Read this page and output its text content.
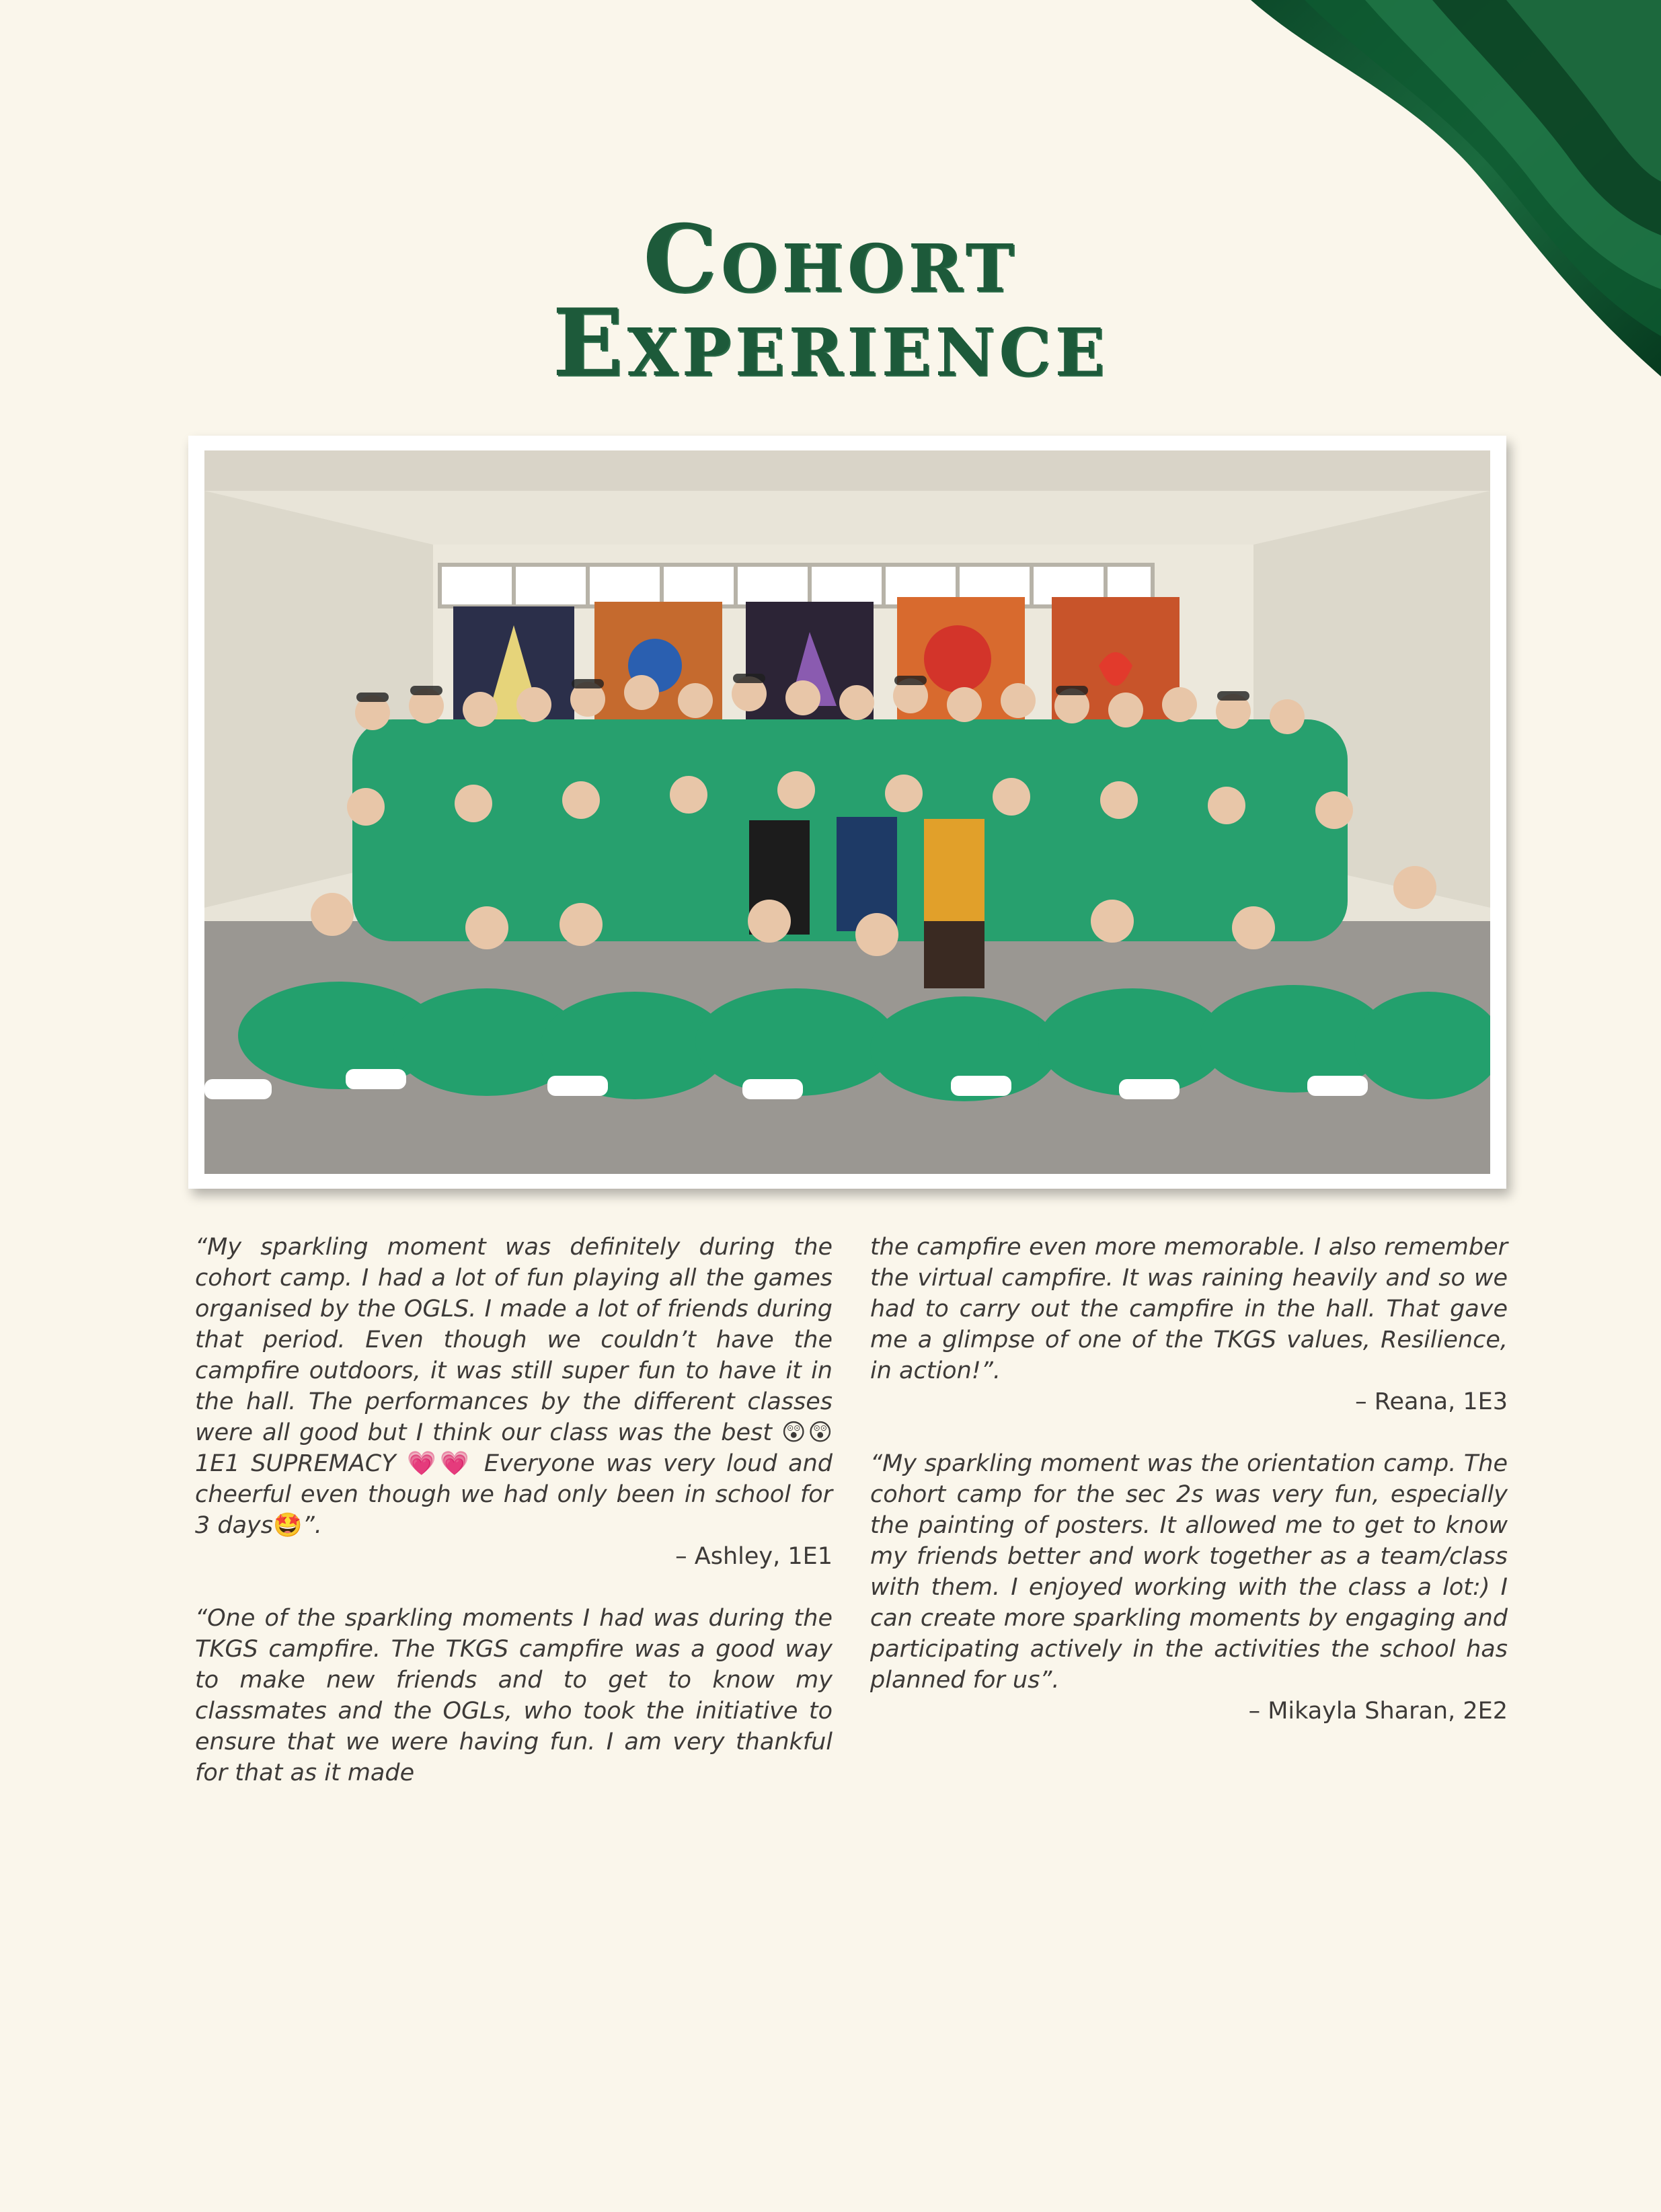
Cohort
Experience

“My sparkling moment was definitely during the cohort camp. I had a lot of fun playing all the games organised by the OGLS. I made a lot of friends during that period. Even though we couldn’t have the campfire outdoors, it was still super fun to have it in the hall. The performances by the different classes were all good but I think our class was the best 😲😲 1E1 SUPREMACY 💗💗 Everyone was very loud and cheerful even though we had only been in school for 3 days🤩”.

– Ashley, 1E1

“One of the sparkling moments I had was during the TKGS campfire. The TKGS campfire was a good way to make new friends and to get to know my classmates and the OGLs, who took the initiative to ensure that we were having fun. I am very thankful for that as it made

the campfire even more memorable. I also remember the virtual campfire. It was raining heavily and so we had to carry out the campfire in the hall. That gave me a glimpse of one of the TKGS values, Resilience, in action!”.

– Reana, 1E3

“My sparkling moment was the orientation camp. The cohort camp for the sec 2s was very fun, especially the painting of posters. It allowed me to get to know my friends better and work together as a team/class with them. I enjoyed working with the class a lot:) I can create more sparkling moments by engaging and participating actively in the activities the school has planned for us”.

– Mikayla Sharan, 2E2
